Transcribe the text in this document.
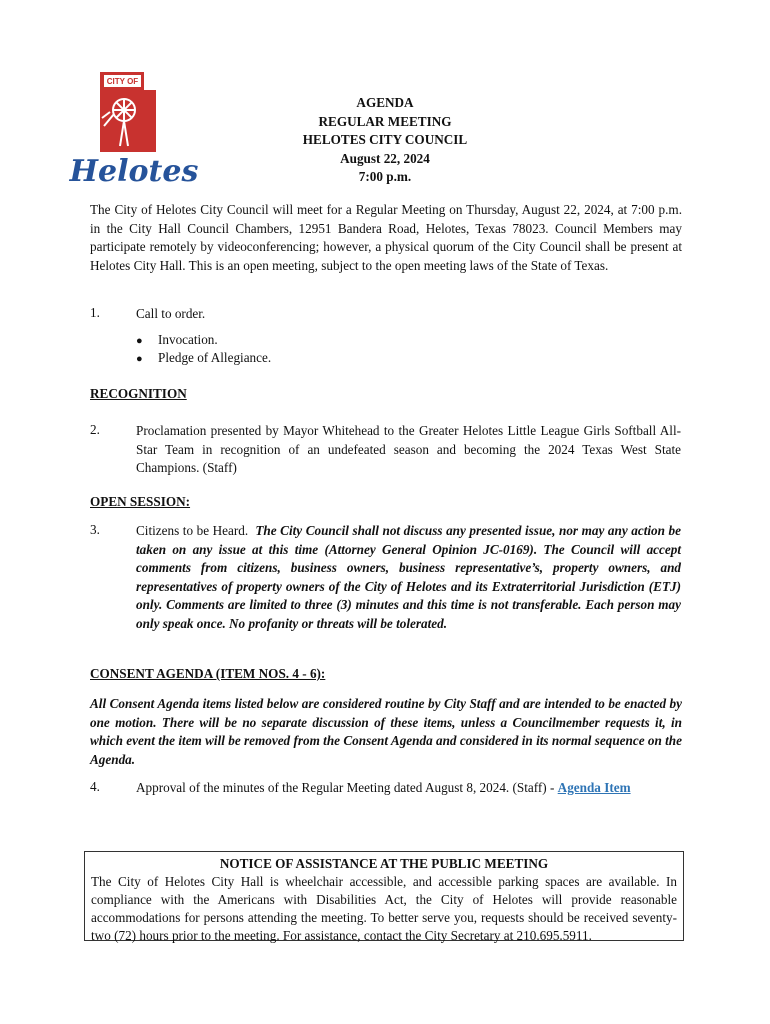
CITY OF
Helotes
AGENDA
REGULAR MEETING
HELOTES CITY COUNCIL
August 22, 2024
7:00 p.m.
The City of Helotes City Council will meet for a Regular Meeting on Thursday, August 22, 2024, at 7:00 p.m. in the City Hall Council Chambers, 12951 Bandera Road, Helotes, Texas 78023. Council Members may participate remotely by videoconferencing; however, a physical quorum of the City Council shall be present at Helotes City Hall. This is an open meeting, subject to the open meeting laws of the State of Texas.
1.	Call to order.
● Invocation.
● Pledge of Allegiance.
RECOGNITION
2.	Proclamation presented by Mayor Whitehead to the Greater Helotes Little League Girls Softball All-Star Team in recognition of an undefeated season and becoming the 2024 Texas West State Champions. (Staff)
OPEN SESSION:
3.	Citizens to be Heard. The City Council shall not discuss any presented issue, nor may any action be taken on any issue at this time (Attorney General Opinion JC-0169). The Council will accept comments from citizens, business owners, business representative’s, property owners, and representatives of property owners of the City of Helotes and its Extraterritorial Jurisdiction (ETJ) only. Comments are limited to three (3) minutes and this time is not transferable. Each person may only speak once. No profanity or threats will be tolerated.
CONSENT AGENDA (ITEM NOS. 4 - 6):
All Consent Agenda items listed below are considered routine by City Staff and are intended to be enacted by one motion. There will be no separate discussion of these items, unless a Councilmember requests it, in which event the item will be removed from the Consent Agenda and considered in its normal sequence on the Agenda.
4.	Approval of the minutes of the Regular Meeting dated August 8, 2024. (Staff) - Agenda Item
NOTICE OF ASSISTANCE AT THE PUBLIC MEETING
The City of Helotes City Hall is wheelchair accessible, and accessible parking spaces are available. In compliance with the Americans with Disabilities Act, the City of Helotes will provide reasonable accommodations for persons attending the meeting. To better serve you, requests should be received seventy-two (72) hours prior to the meeting. For assistance, contact the City Secretary at 210.695.5911.
